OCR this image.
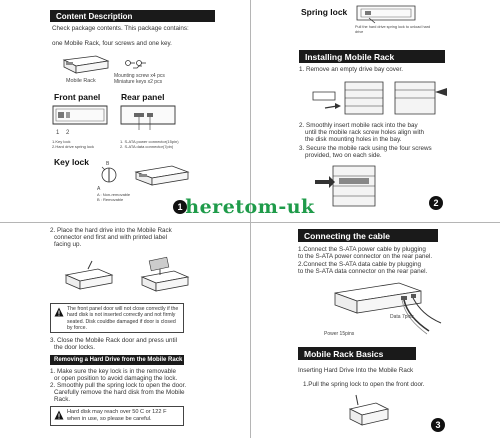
Content Description
Check package contents. This package contains:
one Mobile Rack, four screws and one key.
Mobile Rack
Mounting screw x4 pcs
Miniature keys x2 pcs
Front panel Rear panel
1 2
1.Key lock
2.Hard drive spring lock
1. S-ATA power connector(15pin)
2. S-ATA data connector(7pin)
Key lock
A
B
A : Non-removable
B : Removable
1
Spring lock
Pull the hard drive spring lock to unload hard drive
Installing Mobile Rack
1. Remove an empty drive bay cover.
2. Smoothly insert mobile rack into the bay
until the mobile rack screw holes align with
the disk mounting holes in the bay.
3. Secure the mobile rack using the four screws
provided, two on each side.
2
2. Place the hard drive into the Mobile Rack
connector end first and with printed label
facing up.
The front panel door will not close correctly if the
hard disk is not inserted correctly and not firmly
seated. Disk couldbe damaged if door is closed
by force.
3. Close the Mobile Rack door and press until
the door locks.
Removing a Hard Drive from the Mobile Rack
1. Make sure the key lock is in the removable
or open position to avoid damaging the lock.
2. Smoothly pull the spring lock to open the door.
Carefully remove the hard disk from the Mobile
Rack.
Hard disk may reach over 50 C or 122 F
when in use, so please be careful.
Connecting the cable
1.Connect the S-ATA power cable by plugging
to the S-ATA power connector on the rear panel.
2.Connect the S-ATA data cable by plugging
to the S-ATA data connector on the rear panel.
Data 7pins
Power 15pins
Mobile Rack Basics
Inserting Hard Drive Into the Mobile Rack
1.Pull the spring lock to open the front door.
3
heretom-uk
